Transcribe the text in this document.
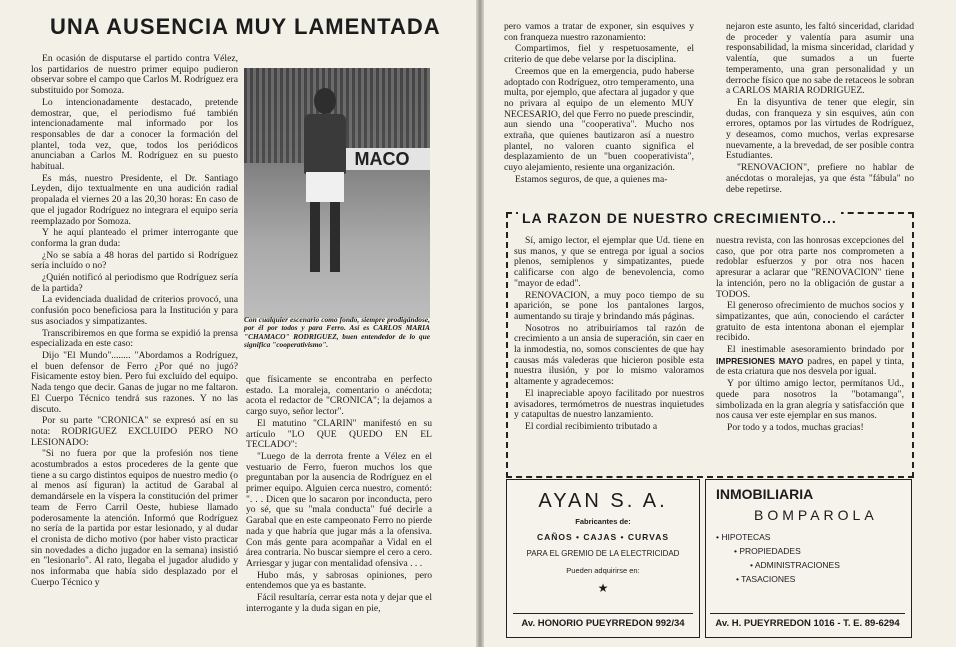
UNA AUSENCIA MUY LAMENTADA

En ocasión de disputarse el partido contra Vélez, los partidarios de nuestro primer equipo pudieron observar sobre el campo que Carlos M. Rodríguez era substituido por Somoza.

Lo intencionadamente destacado, pretende demostrar, que, el periodismo fué también intencionadamente mal informado por los responsables de dar a conocer la formación del plantel, toda vez, que, todos los periódicos anunciaban a Carlos M. Rodríguez en su puesto habitual.

Es más, nuestro Presidente, el Dr. Santiago Leyden, dijo textualmente en una audición radial propalada el viernes 20 a las 20,30 horas: En caso de que el jugador Rodríguez no integrara el equipo sería reemplazado por Somoza.

Y he aquí planteado el primer interrogante que conforma la gran duda:

¿No se sabía a 48 horas del partido si Rodríguez sería incluído o no?

¿Quién notificó al periodismo que Rodríguez sería de la partida?

La evidenciada dualidad de criterios provocó, una confusión poco beneficiosa para la Institución y para sus asociados y simpatizantes.

Transcribiremos en que forma se expidió la prensa especializada en este caso:

Dijo "El Mundo"........ "Abordamos a Rodríguez, el buen defensor de Ferro ¿Por qué no jugó? Fisicamente estoy bien. Pero fui excluído del equipo. Nada tengo que decir. Ganas de jugar no me faltaron. El Cuerpo Técnico tendrá sus razones. Y no las discuto.

Por su parte "CRONICA" se expresó así en su nota: RODRIGUEZ EXCLUIDO PERO NO LESIONADO:

"Si no fuera por que la profesión nos tiene acostumbrados a estos procederes de la gente que tiene a su cargo distintos equipos de nuestro medio (o al menos así figuran) la actitud de Garabal al demandársele en la víspera la constitución del primer team de Ferro Carril Oeste, hubiese llamado poderosamente la atención. Informó que Rodríguez no sería de la partida por estar lesionado, y al dudar el cronista de dicho motivo (por haber visto practicar sin novedades a dicho jugador en la semana) insistió en "lesionarlo". Al rato, llegaba el jugador aludido y nos informaba que había sido desplazado por el Cuerpo Técnico y

MACO
Con cualquier escenario como fondo, siempre prodigándose, por él por todos y para Ferro. Así es CARLOS MARIA "CHAMACO" RODRIGUEZ, buen entendedor de lo que significa "cooperativismo".

que físicamente se encontraba en perfecto estado. La moraleja, comentario o anécdota; acota el redactor de "CRONICA"; la dejamos a cargo suyo, señor lector".

El matutino "CLARIN" manifestó en su artículo "LO QUE QUEDO EN EL TECLADO":

"Luego de la derrota frente a Vélez en el vestuario de Ferro, fueron muchos los que preguntaban por la ausencia de Rodríguez en el primer equipo. Alguien cerca nuestro, comentó: ". . . Dicen que lo sacaron por inconducta, pero yo sé, que su "mala conducta" fué decirle a Garabal que en este campeonato Ferro no pierde nada y que habría que jugar más a la ofensiva. Con más gente para acompañar a Vidal en el área contraria. No buscar siempre el cero a cero. Arriesgar y jugar con mentalidad ofensiva . . .

Hubo más, y sabrosas opiniones, pero entendemos que ya es bastante.

Fácil resultaría, cerrar esta nota y dejar que el interrogante y la duda sigan en pie,

pero vamos a tratar de exponer, sin esquives y con franqueza nuestro razonamiento:

Compartimos, fiel y respetuosamente, el criterio de que debe velarse por la disciplina.

Creemos que en la emergencia, pudo haberse adoptado con Rodríguez, otro temperamento, una multa, por ejemplo, que afectara al jugador y que no privara al equipo de un elemento MUY NECESARIO, del que Ferro no puede prescindir, aun siendo una "cooperativa". Mucho nos extraña, que quienes bautizaron así a nuestro plantel, no valoren cuanto significa el desplazamiento de un "buen cooperativista", cuyo alejamiento, resiente una organización.

Estamos seguros, de que, a quienes ma-

nejaron este asunto, les faltó sinceridad, claridad de proceder y valentía para asumir una responsabilidad, la misma sinceridad, claridad y valentía, que sumados a un fuerte temperamento, una gran personalidad y un derroche físico que no sabe de retaceos le sobran a CARLOS MARIA RODRIGUEZ.

En la disyuntiva de tener que elegir, sin dudas, con franqueza y sin esquives, aún con errores, optamos por las virtudes de Rodríguez, y deseamos, como muchos, verlas expresarse nuevamente, a la brevedad, de ser posible contra Estudiantes.

"RENOVACION", prefiere no hablar de anécdotas o moralejas, ya que ésta "fábula" no debe repetirse.

LA RAZON DE NUESTRO CRECIMIENTO...

Sí, amigo lector, el ejemplar que Ud. tiene en sus manos, y que se entrega por igual a socios plenos, semiplenos y simpatizantes, puede calificarse con algo de benevolencia, como "mayor de edad".

RENOVACION, a muy poco tiempo de su aparición, se pone los pantalones largos, aumentando su tiraje y brindando más páginas.

Nosotros no atribuiríamos tal razón de crecimiento a un ansia de superación, sin caer en la inmodestia, no, somos conscientes de que hay causas más valederas que hicieron posible esta nuestra ilusión, y por lo mismo valoramos altamente y agradecemos:

El inapreciable apoyo facilitado por nuestros avisadores, termómetros de nuestras inquietudes y catapultas de nuestro lanzamiento.

El cordial recibimiento tributado a

nuestra revista, con las honrosas excepciones del caso, que por otra parte nos comprometen a redoblar esfuerzos y por otra nos hacen apresurar a aclarar que "RENOVACION" tiene la intención, pero no la obligación de gustar a TODOS.

El generoso ofrecimiento de muchos socios y simpatizantes, que aún, conociendo el carácter gratuito de esta intentona abonan el ejemplar recibido.

El inestimable asesoramiento brindado por IMPRESIONES MAYO padres, en papel y tinta, de esta criatura que nos desvela por igual.

Y por último amigo lector, permítanos Ud., quede para nosotros la "botamanga", simbolizada en la gran alegría y satisfacción que nos causa ver este ejemplar en sus manos.

Por todo y a todos, muchas gracias!

AYAN S. A.
Fabricantes de:
CAÑOS • CAJAS • CURVAS
PARA EL GREMIO DE LA ELECTRICIDAD
Pueden adquirirse en:
★
Av. HONORIO PUEYRREDON 992/34
INMOBILIARIA
BOMPAROLA
• HIPOTECAS
• PROPIEDADES
• ADMINISTRACIONES
• TASACIONES
Av. H. PUEYRREDON 1016 - T. E. 89-6294
